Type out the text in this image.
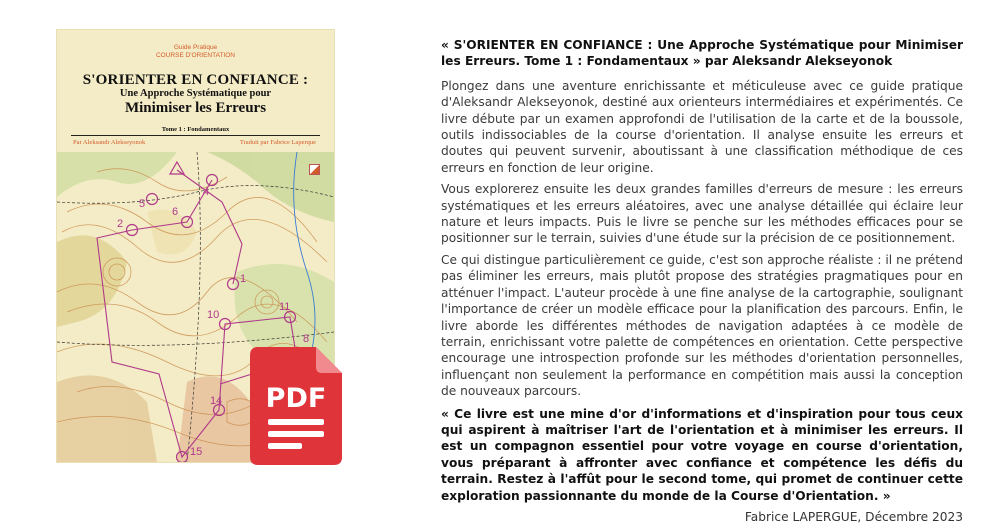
Guide Pratique
COURSE D'ORIENTATION
S'ORIENTER EN CONFIANCE :
Une Approche Systématique pour
Minimiser les Erreurs
Tome 1 : Fondamentaux
Par Aleksandr Alekseyonok	Traduit par Fabrice Laperque
4
5
6
2
10
11
14
15
8
1
PDF

« S'ORIENTER EN CONFIANCE : Une Approche Systématique pour Minimiser les Erreurs. Tome 1 : Fondamentaux » par Aleksandr Alekseyonok

Plongez dans une aventure enrichissante et méticuleuse avec ce guide pratique d'Aleksandr Alekseyonok, destiné aux orienteurs intermédiaires et expérimentés. Ce livre débute par un examen approfondi de l'utilisation de la carte et de la boussole, outils indissociables de la course d'orientation. Il analyse ensuite les erreurs et doutes qui peuvent survenir, aboutissant à une classification méthodique de ces erreurs en fonction de leur origine.

Vous explorerez ensuite les deux grandes familles d'erreurs de mesure : les erreurs systématiques et les erreurs aléatoires, avec une analyse détaillée qui éclaire leur nature et leurs impacts. Puis le livre se penche sur les méthodes efficaces pour se positionner sur le terrain, suivies d'une étude sur la précision de ce positionnement.

Ce qui distingue particulièrement ce guide, c'est son approche réaliste : il ne prétend pas éliminer les erreurs, mais plutôt propose des stratégies pragmatiques pour en atténuer l'impact. L'auteur procède à une fine analyse de la cartographie, soulignant l'importance de créer un modèle efficace pour la planification des parcours. Enfin, le livre aborde les différentes méthodes de navigation adaptées à ce modèle de terrain, enrichissant votre palette de compétences en orientation. Cette perspective encourage une introspection profonde sur les méthodes d'orientation personnelles, influençant non seulement la performance en compétition mais aussi la conception de nouveaux parcours.

« Ce livre est une mine d'or d'informations et d'inspiration pour tous ceux qui aspirent à maîtriser l'art de l'orientation et à minimiser les erreurs. Il est un compagnon essentiel pour votre voyage en course d'orientation, vous préparant à affronter avec confiance et compétence les défis du terrain. Restez à l'affût pour le second tome, qui promet de continuer cette exploration passionnante du monde de la Course d'Orientation. »

Fabrice LAPERGUE, Décembre 2023
